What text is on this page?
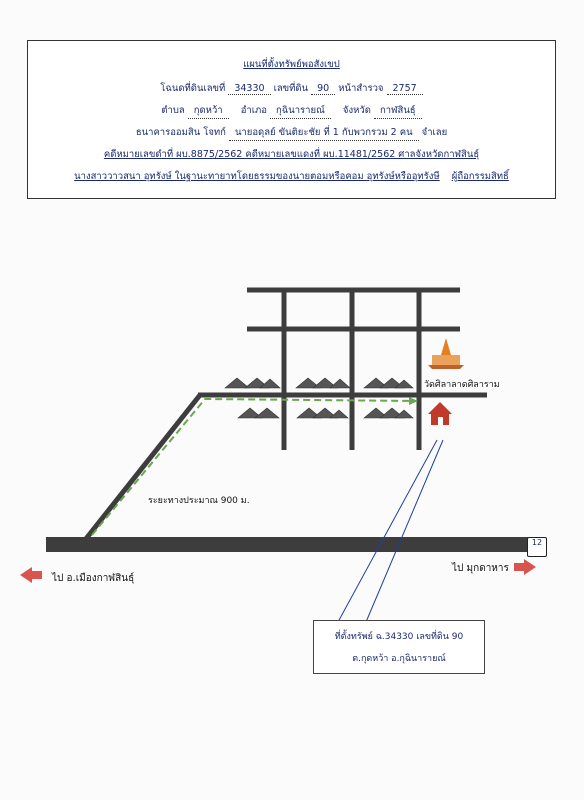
แผนที่ตั้งทรัพย์พอสังเขป
โฉนดที่ดินเลขที่ 34330 เลขที่ดิน 90 หน้าสำรวจ 2757
ตำบล กุดหว้า อำเภอ กุฉินารายณ์ จังหวัด กาฬสินธุ์
ธนาคารออมสิน โจทก์ นายอดุลย์ ขันติยะชัย ที่ 1 กับพวกรวม 2 คน จำเลย
คดีหมายเลขดำที่ ผบ.8875/2562 คดีหมายเลขแดงที่ ผบ.11481/2562 ศาลจังหวัดกาฬสินธุ์
นางสาววาวสนา อุทรังษ์ ในฐานะทายาทโดยธรรมของนายตอมหรือคอม อุทรังษ์หรืออุทรังษี ผู้ถือกรรมสิทธิ์
วัดศิลาลาดศิลาราม
ระยะทางประมาณ 900 ม.
ไป อ.เมืองกาฬสินธุ์
ไป มุกดาหาร
12
ที่ตั้งทรัพย์ ฉ.34330 เลขที่ดิน 90
ต.กุดหว้า อ.กุฉินารายณ์
